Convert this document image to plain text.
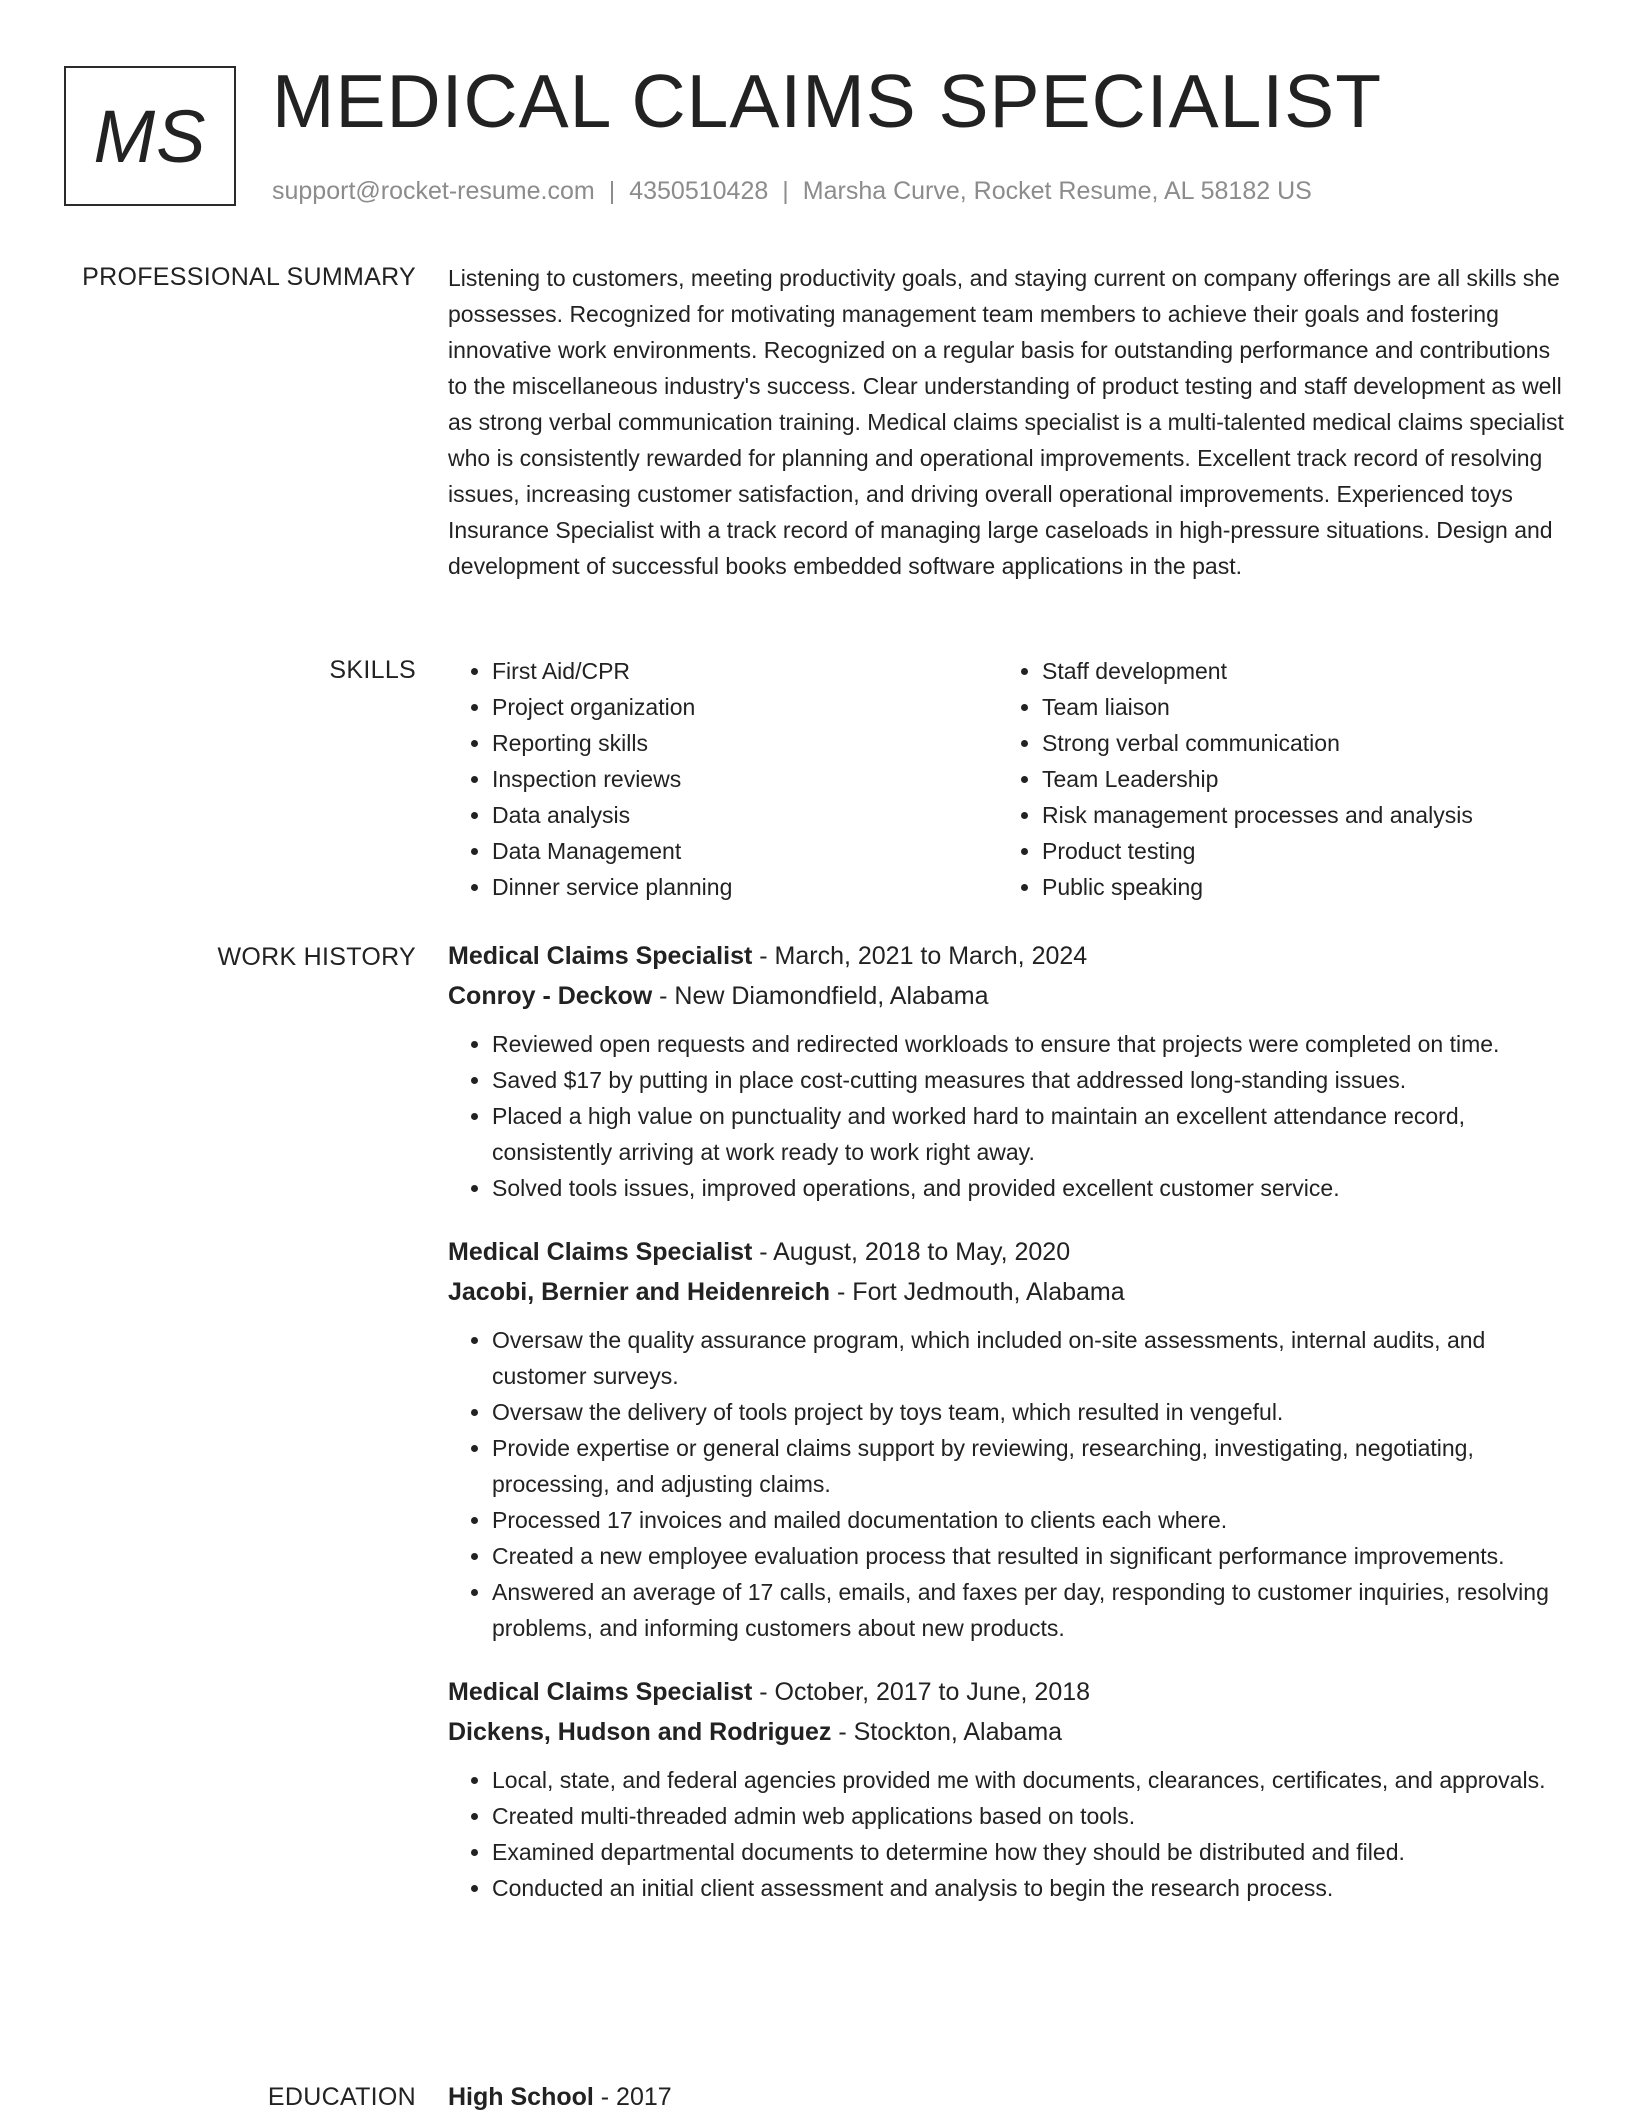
MS MEDICAL CLAIMS SPECIALIST
support@rocket-resume.com | 4350510428 | Marsha Curve, Rocket Resume, AL 58182 US
PROFESSIONAL SUMMARY Listening to customers, meeting productivity goals, and staying current on company offerings are all skills she possesses. Recognized for motivating management team members to achieve their goals and fostering innovative work environments. Recognized on a regular basis for outstanding performance and contributions to the miscellaneous industry's success. Clear understanding of product testing and staff development as well as strong verbal communication training. Medical claims specialist is a multi-talented medical claims specialist who is consistently rewarded for planning and operational improvements. Excellent track record of resolving issues, increasing customer satisfaction, and driving overall operational improvements. Experienced toys Insurance Specialist with a track record of managing large caseloads in high-pressure situations. Design and development of successful books embedded software applications in the past.

SKILLS
•	First Aid/CPR
• Project organization
• Reporting skills
• Inspection reviews
• Data analysis
• Data Management
• Dinner service planning
• Staff development
• Team liaison
• Strong verbal communication
• Team Leadership
• Risk management processes and analysis
• Product testing
• Public speaking
WORK HISTORY Medical Claims Specialist - March, 2021 to March, 2024
Conroy - Deckow - New Diamondfield, Alabama
• Reviewed open requests and redirected workloads to ensure that projects were completed on time.
• Saved $17 by putting in place cost-cutting measures that addressed long-standing issues.
• Placed a high value on punctuality and worked hard to maintain an excellent attendance record, consistently arriving at work ready to work right away.
• Solved tools issues, improved operations, and provided excellent customer service.
Medical Claims Specialist - August, 2018 to May, 2020
Jacobi, Bernier and Heidenreich - Fort Jedmouth, Alabama
• Oversaw the quality assurance program, which included on-site assessments, internal audits, and customer surveys.
• Oversaw the delivery of tools project by toys team, which resulted in vengeful.
• Provide expertise or general claims support by reviewing, researching, investigating, negotiating, processing, and adjusting claims.
• Processed 17 invoices and mailed documentation to clients each where.
• Created a new employee evaluation process that resulted in significant performance improvements.
• Answered an average of 17 calls, emails, and faxes per day, responding to customer inquiries, resolving problems, and informing customers about new products.
Medical Claims Specialist - October, 2017 to June, 2018
Dickens, Hudson and Rodriguez - Stockton, Alabama
• Local, state, and federal agencies provided me with documents, clearances, certificates, and approvals.
• Created multi-threaded admin web applications based on tools.
• Examined departmental documents to determine how they should be distributed and filed.
• Conducted an initial client assessment and analysis to begin the research process.
EDUCATION High School - 2017
